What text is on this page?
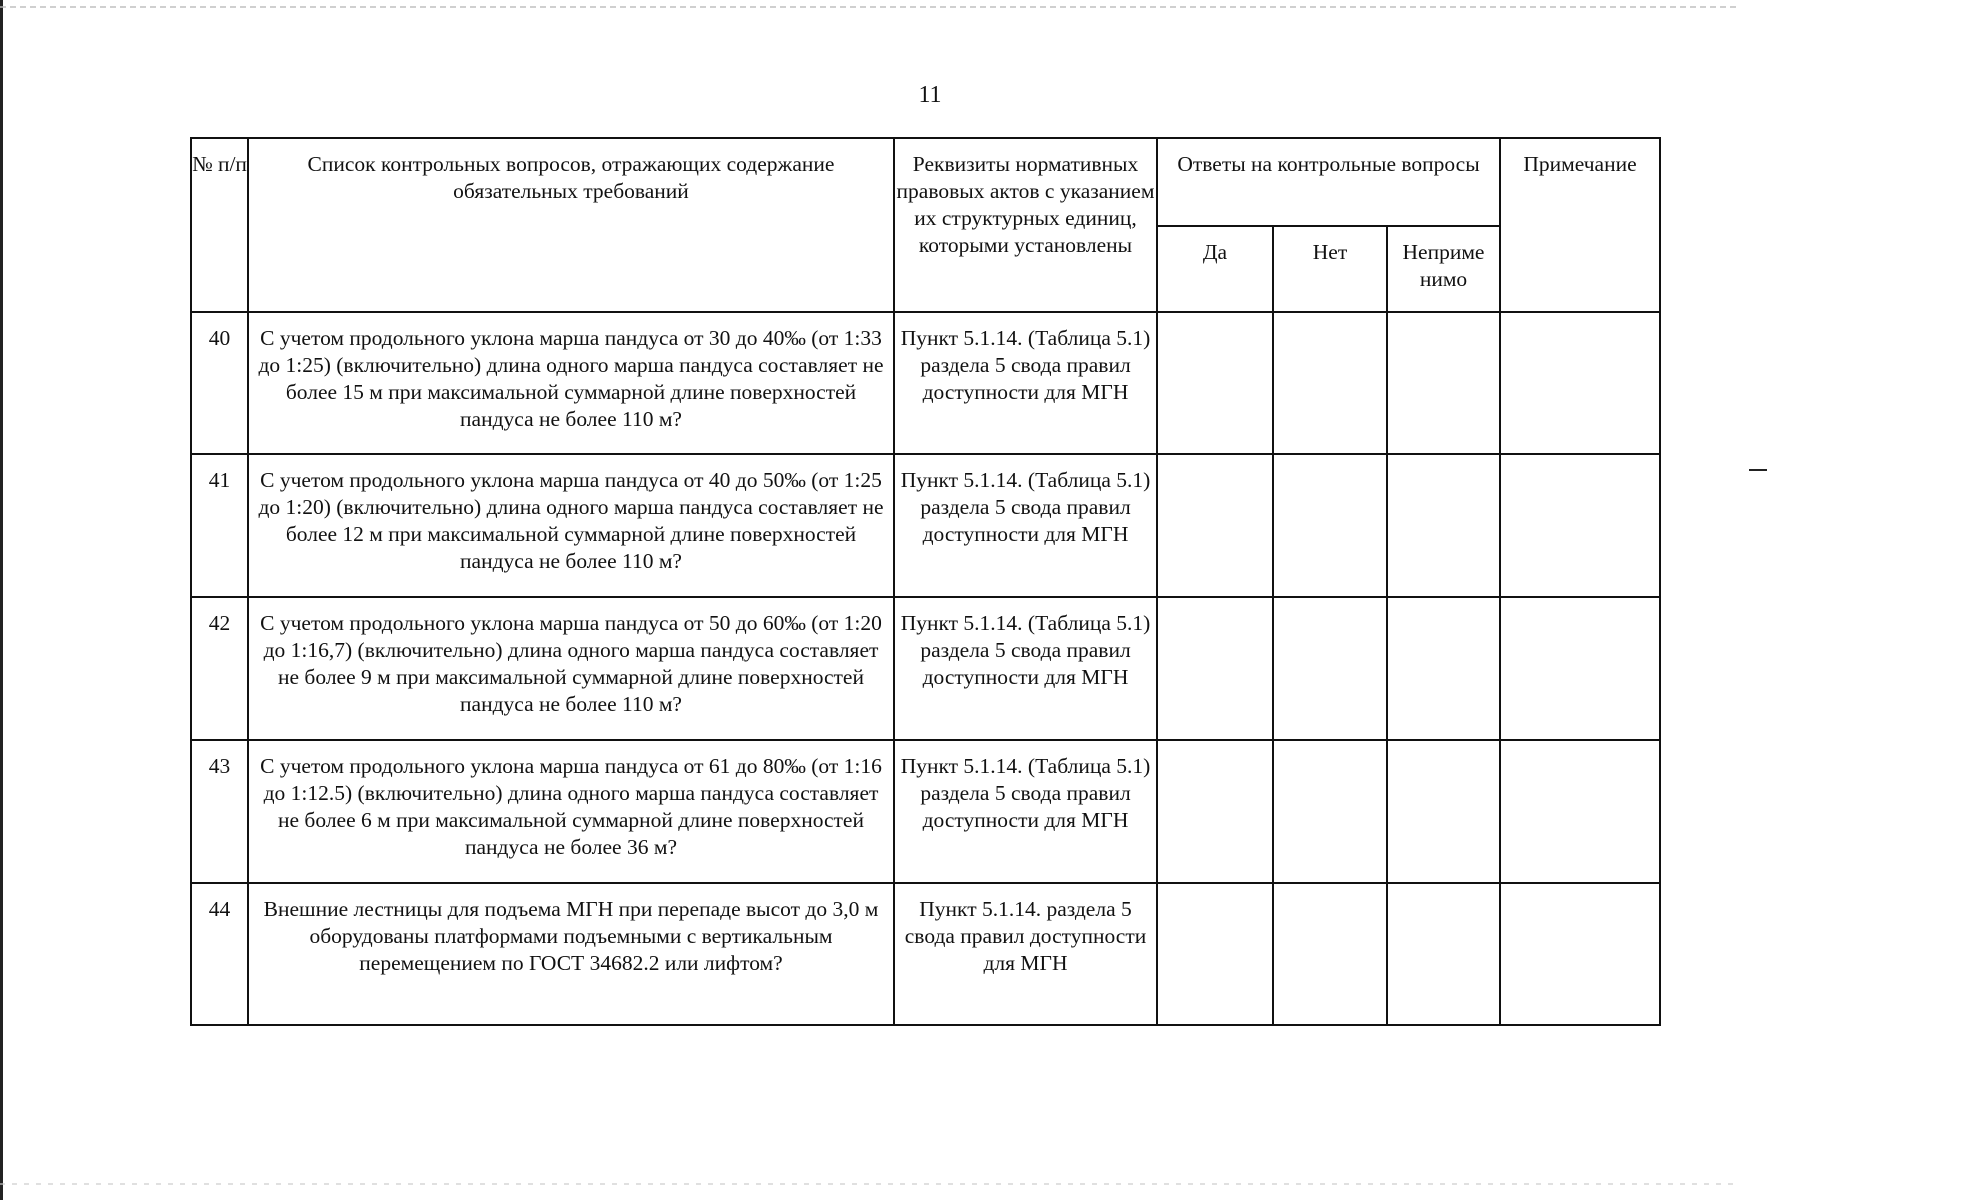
11
№ п/п	Список контрольных вопросов, отражающих содержание обязательных требований	Реквизиты нормативных правовых актов с указанием их структурных единиц, которыми установлены	Ответы на контрольные вопросы			Примечание
			Да	Нет	Неприме нимо	
40	С учетом продольного уклона марша пандуса от 30 до 40‰ (от 1:33 до 1:25) (включительно) длина одного марша пандуса составляет не более 15 м при максимальной суммарной длине поверхностей пандуса не более 110 м?	Пункт 5.1.14. (Таблица 5.1) раздела 5 свода правил доступности для МГН				
41	С учетом продольного уклона марша пандуса от 40 до 50‰ (от 1:25 до 1:20) (включительно) длина одного марша пандуса составляет не более 12 м при максимальной суммарной длине поверхностей пандуса не более 110 м?	Пункт 5.1.14. (Таблица 5.1) раздела 5 свода правил доступности для МГН				
42	С учетом продольного уклона марша пандуса от 50 до 60‰ (от 1:20 до 1:16,7) (включительно) длина одного марша пандуса составляет не более 9 м при максимальной суммарной длине поверхностей пандуса не более 110 м?	Пункт 5.1.14. (Таблица 5.1) раздела 5 свода правил доступности для МГН				
43	С учетом продольного уклона марша пандуса от 61 до 80‰ (от 1:16 до 1:12.5) (включительно) длина одного марша пандуса составляет не более 6 м при максимальной суммарной длине поверхностей пандуса не более 36 м?	Пункт 5.1.14. (Таблица 5.1) раздела 5 свода правил доступности для МГН				
44	Внешние лестницы для подъема МГН при перепаде высот до 3,0 м оборудованы платформами подъемными с вертикальным перемещением по ГОСТ 34682.2 или лифтом?	Пункт 5.1.14. раздела 5 свода правил доступности для МГН				
